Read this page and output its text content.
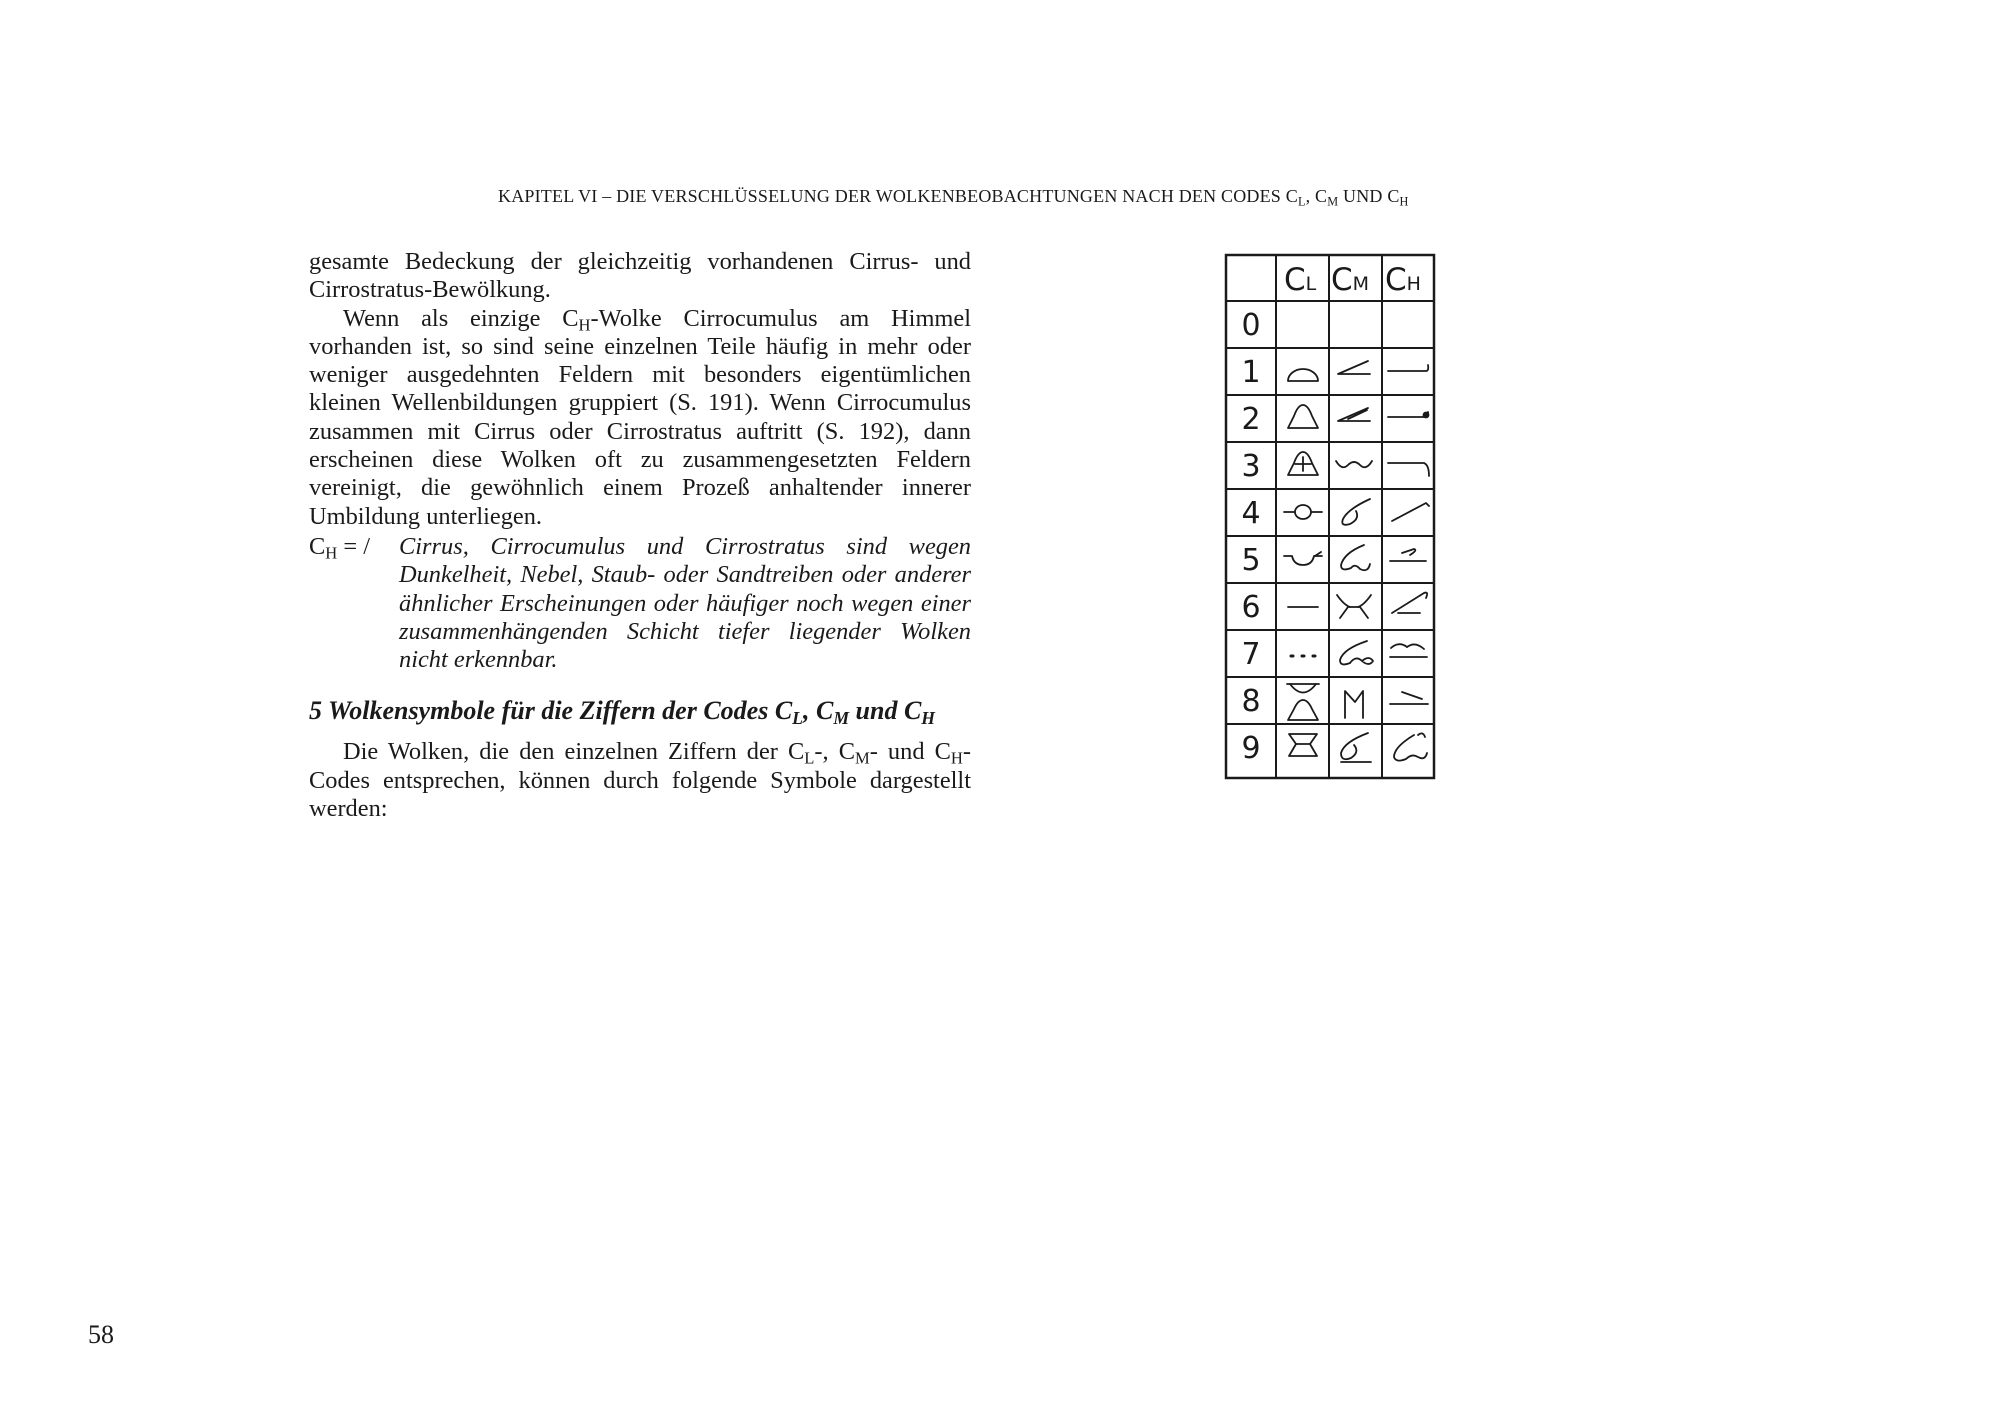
KAPITEL VI – DIE VERSCHLÜSSELUNG DER WOLKENBEOBACHTUNGEN NACH DEN CODES $C_L$, $C_M$ UND $C_H$

gesamte Bedeckung der gleichzeitig vorhandenen Cirrus- und Cirrostratus-Bewölkung.

Wenn als einzige $C_H$-Wolke Cirrocumulus am Himmel vorhanden ist, so sind seine einzelnen Teile häufig in mehr oder weniger ausgedehnten Feldern mit besonders eigentümlichen kleinen Wellenbildungen gruppiert (S. 191). Wenn Cirrocumulus zusammen mit Cirrus oder Cirrostratus auftritt (S. 192), dann erscheinen diese Wolken oft zu zusammengesetzten Feldern vereinigt, die gewöhnlich einem Prozeß anhaltender innerer Umbildung unterliegen.

$C_H$ = /	Cirrus, Cirrocumulus und Cirrostratus sind wegen Dunkelheit, Nebel, Staub- oder Sandtreiben oder anderer ähnlicher Erscheinungen oder häufiger noch wegen einer zusammenhängenden Schicht tiefer liegender Wolken nicht erkennbar.
5 Wolkensymbole für die Ziffern der Codes $C_L$, $C_M$ und $C_H$

Die Wolken, die den einzelnen Ziffern der $C_L-$, $C_M-$ und $C_H$-Codes entsprechen, können durch folgende Symbole dargestellt werden:

CL CM CH
0
1
2
3
4
5
6
7
8
9
58
